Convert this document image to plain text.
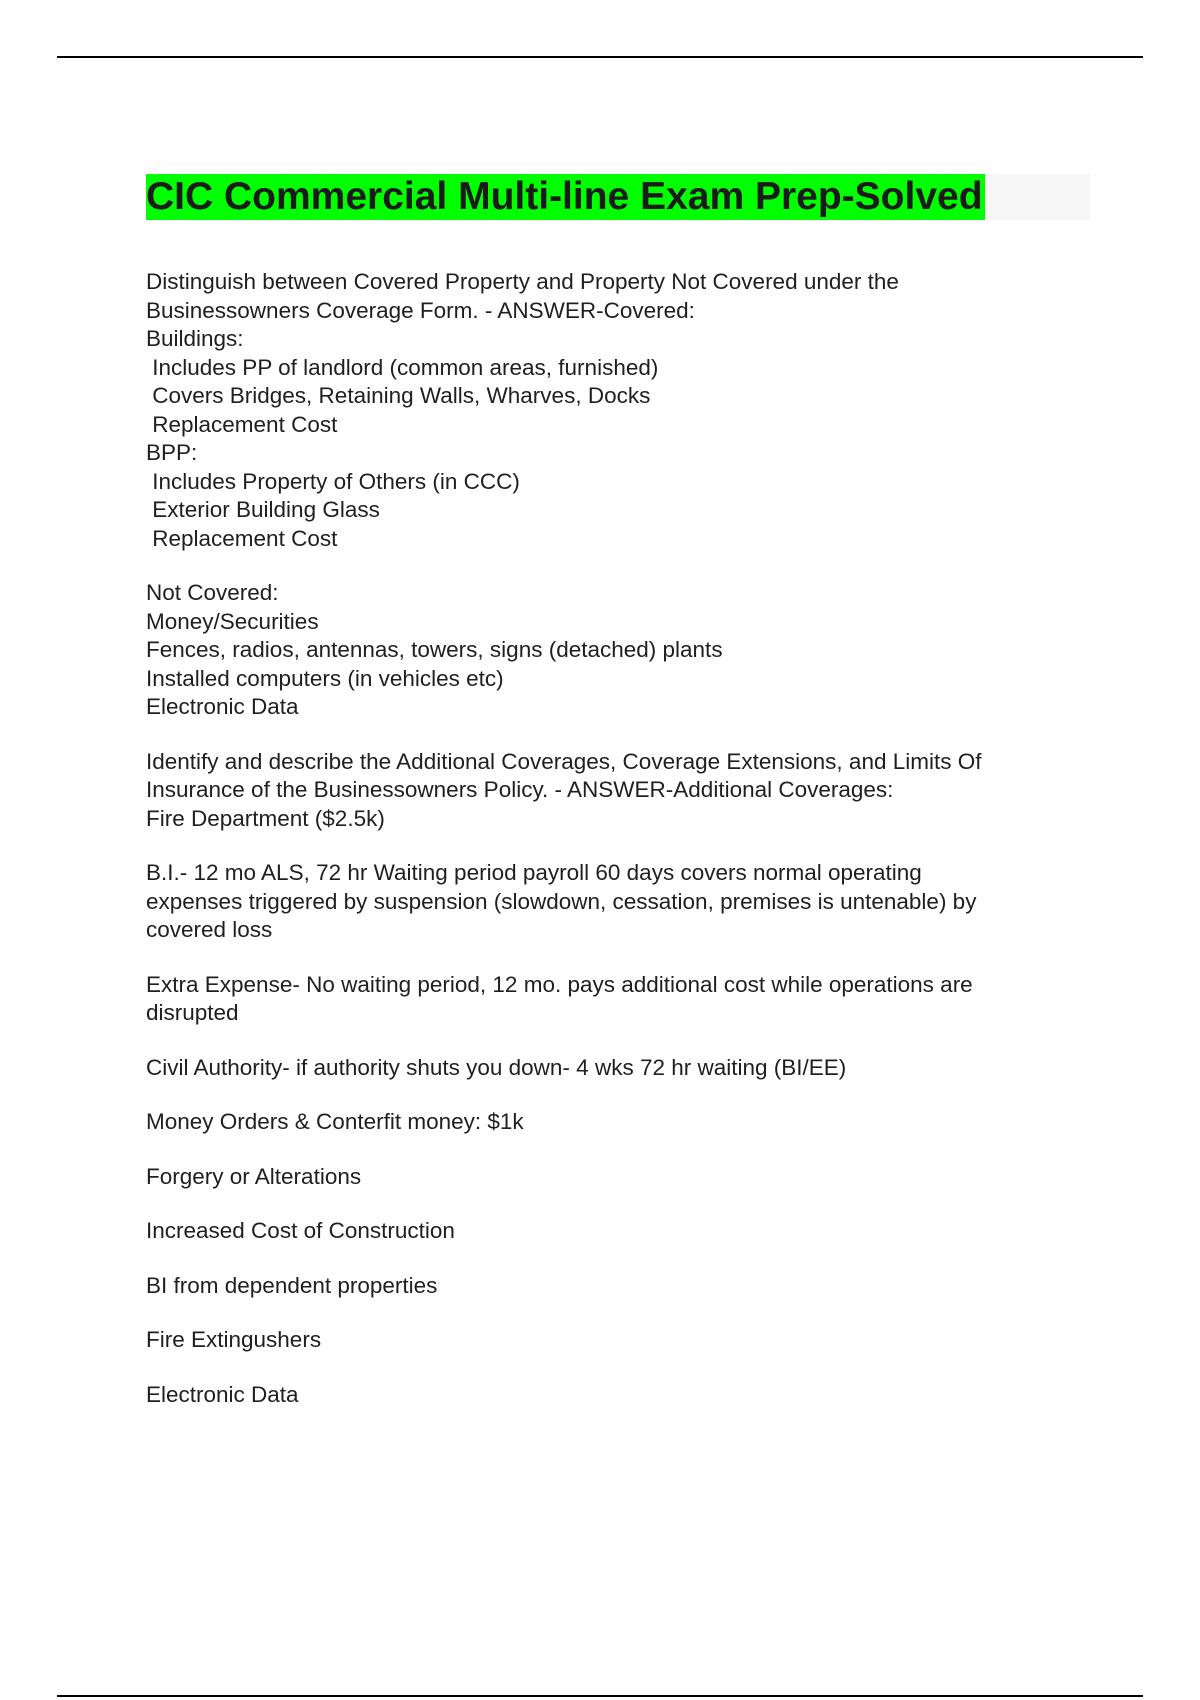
CIC Commercial Multi-line Exam Prep-Solved
Distinguish between Covered Property and Property Not Covered under the
Businessowners Coverage Form. - ANSWER-Covered:
Buildings:
Includes PP of landlord (common areas, furnished)
Covers Bridges, Retaining Walls, Wharves, Docks
Replacement Cost
BPP:
Includes Property of Others (in CCC)
Exterior Building Glass
Replacement Cost
Not Covered:
Money/Securities
Fences, radios, antennas, towers, signs (detached) plants
Installed computers (in vehicles etc)
Electronic Data
Identify and describe the Additional Coverages, Coverage Extensions, and Limits Of
Insurance of the Businessowners Policy. - ANSWER-Additional Coverages:
Fire Department ($2.5k)
B.I.- 12 mo ALS, 72 hr Waiting period payroll 60 days covers normal operating
expenses triggered by suspension (slowdown, cessation, premises is untenable) by
covered loss
Extra Expense- No waiting period, 12 mo. pays additional cost while operations are
disrupted
Civil Authority- if authority shuts you down- 4 wks 72 hr waiting (BI/EE)
Money Orders & Conterfit money: $1k
Forgery or Alterations
Increased Cost of Construction
BI from dependent properties
Fire Extingushers
Electronic Data
